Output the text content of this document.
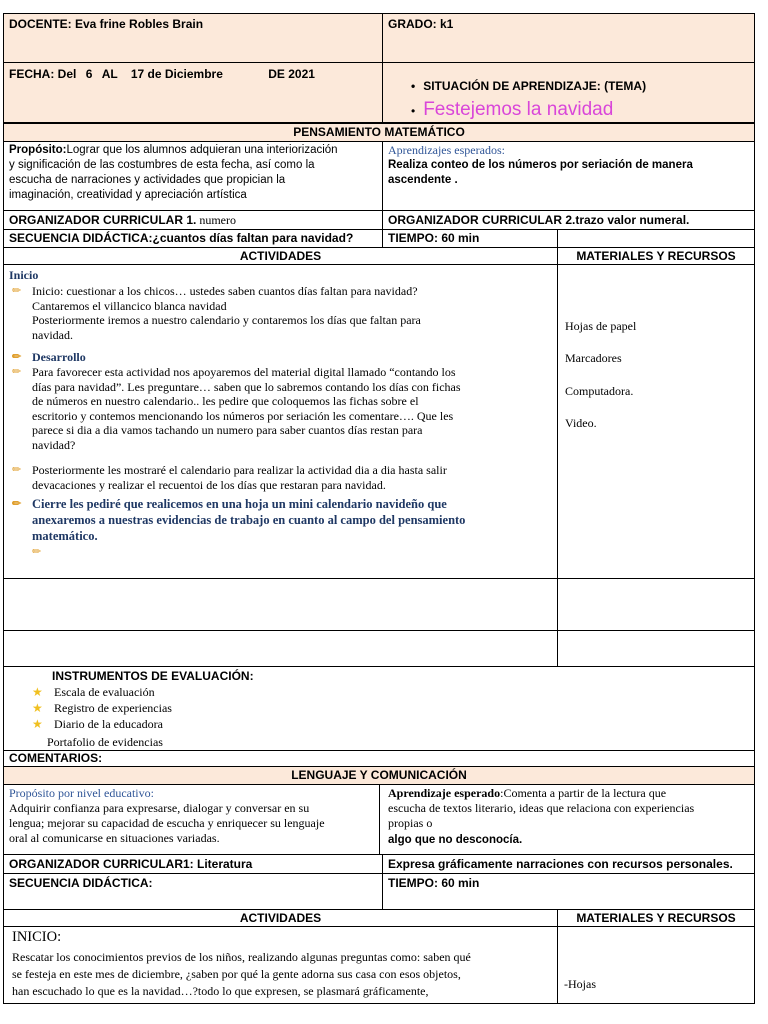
DOCENTE: Eva frine Robles Brain	GRADO: k1
FECHA: Del 6 AL 17 de Diciembre	DE 2021
• SITUACIÓN DE APRENDIZAJE: (TEMA)
• Festejemos la navidad
PENSAMIENTO MATEMÁTICO
Propósito:Lograr que los alumnos adquieran una interiorización
y significación de las costumbres de esta fecha, así como la
escucha de narraciones y actividades que propician la
imaginación, creatividad y apreciación artística
Aprendizajes esperados:
Realiza conteo de los números por seriación de manera
ascendente .
ORGANIZADOR CURRICULAR 1. numero	ORGANIZADOR CURRICULAR 2.trazo valor numeral.
SECUENCIA DIDÁCTICA:¿cuantos días faltan para navidad?	TIEMPO: 60 min
ACTIVIDADES	MATERIALES Y RECURSOS
Inicio
✏ Inicio: cuestionar a los chicos… ustedes saben cuantos días faltan para navidad?
Cantaremos el villancico blanca navidad
Posteriormente iremos a nuestro calendario y contaremos los días que faltan para
navidad.
✏ Desarrollo
✏ Para favorecer esta actividad nos apoyaremos del material digital llamado “contando los
días para navidad”. Les preguntare… saben que lo sabremos contando los días con fichas
de números en nuestro calendario.. les pedire que coloquemos las fichas sobre el
escritorio y contemos mencionando los números por seriación les comentare…. Que les
parece si dia a dia vamos tachando un numero para saber cuantos días restan para
navidad?
✏ Posteriormente les mostraré el calendario para realizar la actividad dia a dia hasta salir
devacaciones y realizar el recuentoi de los días que restaran para navidad.
✏ Cierre les pediré que realicemos en una hoja un mini calendario navideño que
anexaremos a nuestras evidencias de trabajo en cuanto al campo del pensamiento
matemático.
✏
Hojas de papel
Marcadores
Computadora.
Video.
INSTRUMENTOS DE EVALUACIÓN:
★ Escala de evaluación
★ Registro de experiencias
★ Diario de la educadora
Portafolio de evidencias
COMENTARIOS:
LENGUAJE Y COMUNICACIÓN
Propósito por nivel educativo:
Adquirir confianza para expresarse, dialogar y conversar en su
lengua; mejorar su capacidad de escucha y enriquecer su lenguaje
oral al comunicarse en situaciones variadas.
Aprendizaje esperado:Comenta a partir de la lectura que
escucha de textos literario, ideas que relaciona con experiencias
propias o
algo que no desconocía.
ORGANIZADOR CURRICULAR1: Literatura	Expresa gráficamente narraciones con recursos personales.
SECUENCIA DIDÁCTICA:	TIEMPO: 60 min
ACTIVIDADES	MATERIALES Y RECURSOS
INICIO:
Rescatar los conocimientos previos de los niños, realizando algunas preguntas como: saben qué
se festeja en este mes de diciembre, ¿saben por qué la gente adorna sus casa con esos objetos,
han escuchado lo que es la navidad…?todo lo que expresen, se plasmará gráficamente,	-Hojas
